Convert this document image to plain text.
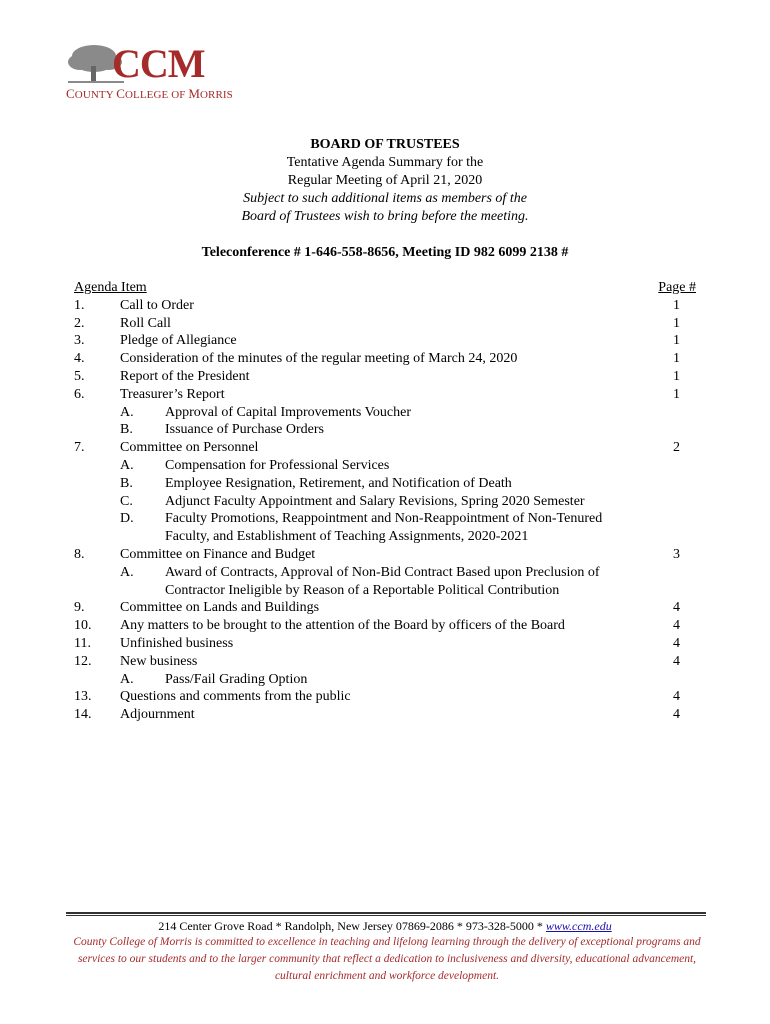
CCM
COUNTY COLLEGE OF MORRIS
BOARD OF TRUSTEES
Tentative Agenda Summary for the
Regular Meeting of April 21, 2020
Subject to such additional items as members of the
Board of Trustees wish to bring before the meeting.
Teleconference # 1-646-558-8656, Meeting ID 982 6099 2138 #
Agenda Item	Page #
1.	Call to Order	1
2.	Roll Call	1
3.	Pledge of Allegiance	1
4.	Consideration of the minutes of the regular meeting of March 24, 2020	1
5.	Report of the President	1
6.	Treasurer’s Report	1
A. Approval of Capital Improvements Voucher
B. Issuance of Purchase Orders
7.	Committee on Personnel	2
A. Compensation for Professional Services
B. Employee Resignation, Retirement, and Notification of Death
C. Adjunct Faculty Appointment and Salary Revisions, Spring 2020 Semester
D. Faculty Promotions, Reappointment and Non-Reappointment of Non-Tenured Faculty, and Establishment of Teaching Assignments, 2020-2021
8.	Committee on Finance and Budget	3
A. Award of Contracts, Approval of Non-Bid Contract Based upon Preclusion of Contractor Ineligible by Reason of a Reportable Political Contribution
9.	Committee on Lands and Buildings	4
10. Any matters to be brought to the attention of the Board by officers of the Board	4
11. Unfinished business	4
12. New business	4
A. Pass/Fail Grading Option
13. Questions and comments from the public	4
14. Adjournment	4
214 Center Grove Road * Randolph, New Jersey 07869-2086 * 973-328-5000 * www.ccm.edu
County College of Morris is committed to excellence in teaching and lifelong learning through the delivery of exceptional programs and services to our students and to the larger community that reflect a dedication to inclusiveness and diversity, educational advancement, cultural enrichment and workforce development.
